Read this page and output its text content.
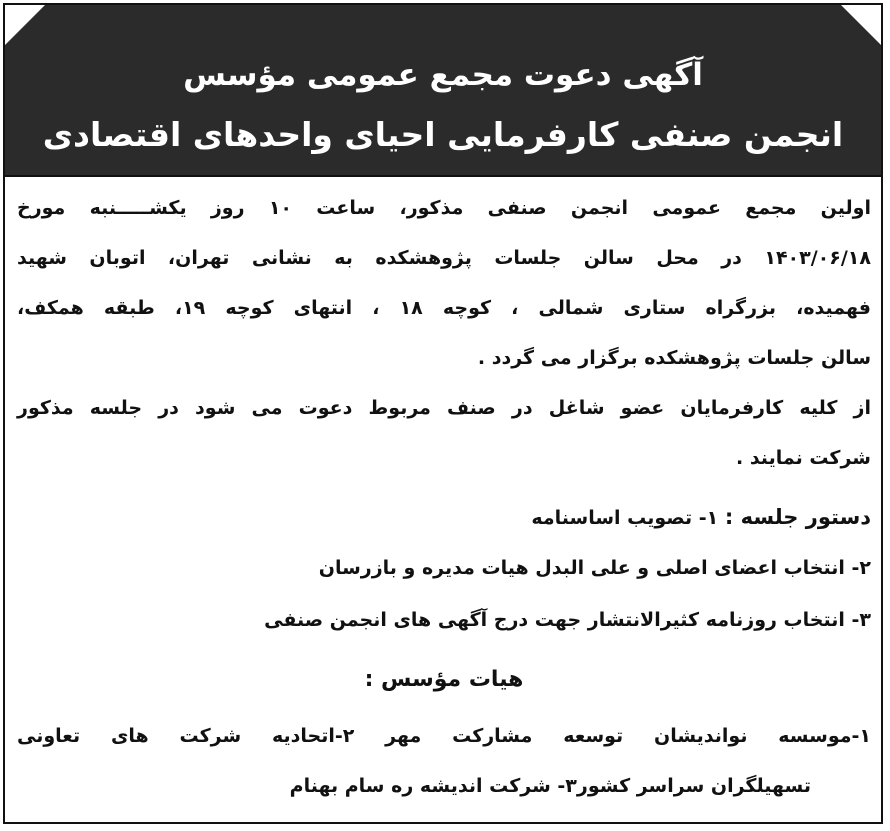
آگهی دعوت مجمع عمومی مؤسس
انجمن صنفی کارفرمایی احیای واحدهای اقتصادی
اولین مجمع عمومی انجمن صنفی مذکور، ساعت ۱۰ روز یکشـــــنبه مورخ
۱۴۰۳/۰۶/۱۸ در محل سالن جلسات پژوهشکده به نشانی تهران، اتوبان شهید
فهمیده، بزرگراه ستاری شمالی ، کوچه ۱۸ ، انتهای کوچه ۱۹، طبقه همکف،
سالن جلسات پژوهشکده برگزار می گردد .
از کلیه کارفرمایان عضو شاغل در صنف مربوط دعوت می شود در جلسه مذکور
شرکت نمایند .
دستور جلسه : ۱- تصویب اساسنامه
۲- انتخاب اعضای اصلی و علی البدل هیات مدیره و بازرسان
۳- انتخاب روزنامه کثیرالانتشار جهت درج آگهی های انجمن صنفی
هیات مؤسس :
۱-موسسه نواندیشان توسعه مشارکت مهر ۲-اتحادیه شرکت های تعاونی
تسهیلگران سراسر کشور۳- شرکت اندیشه ره سام بهنام
